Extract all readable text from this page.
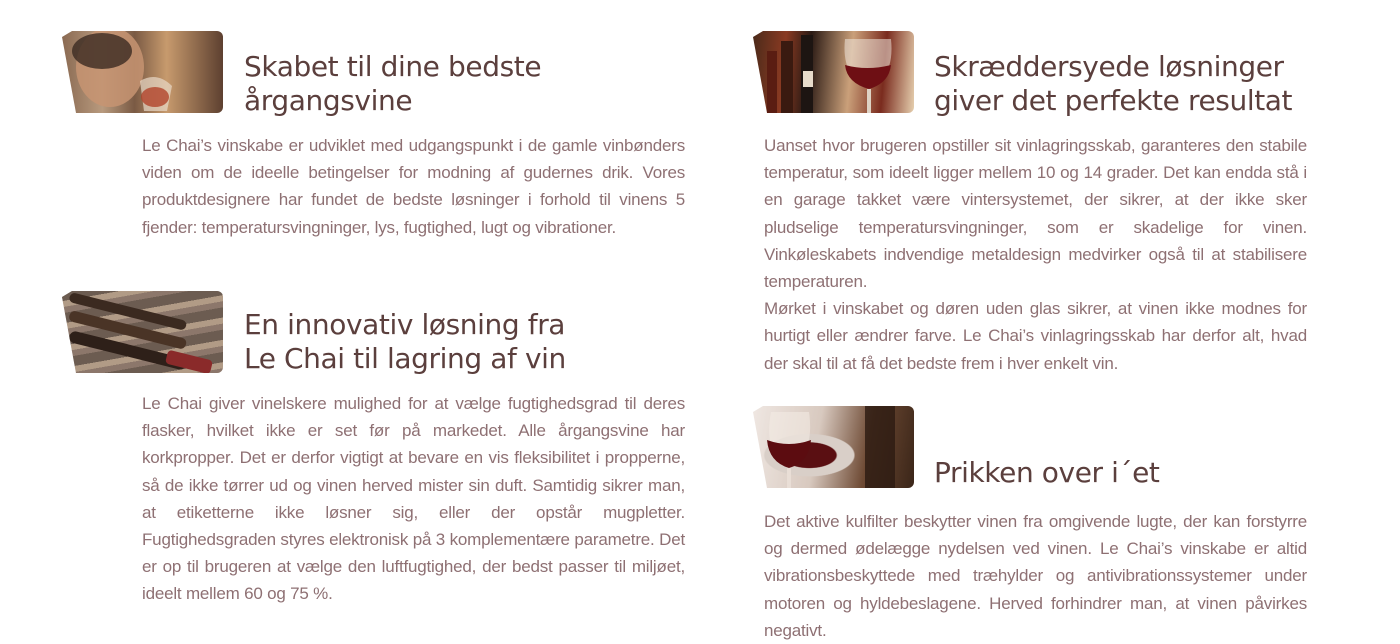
Skabet til dine bedste
årgangsvine

Le Chai’s vinskabe er udviklet med udgangspunkt i de gamle vinbønders viden om de ideelle betingelser for modning af gudernes drik. Vores produktdesignere har fundet de bedste løsninger i forhold til vinens 5 fjender: temperatursvingninger, lys, fugtighed, lugt og vibrationer.

Skræddersyede løsninger
giver det perfekte resultat

Uanset hvor brugeren opstiller sit vinlagringsskab, garanteres den stabile temperatur, som ideelt ligger mellem 10 og 14 grader. Det kan endda stå i en garage takket være vintersystemet, der sikrer, at der ikke sker pludselige temperatursvingninger, som er skadelige for vinen. Vinkøleskabets indvendige metaldesign medvirker også til at stabilisere temperaturen.

Mørket i vinskabet og døren uden glas sikrer, at vinen ikke modnes for hurtigt eller ændrer farve. Le Chai’s vinlagringsskab har derfor alt, hvad der skal til at få det bedste frem i hver enkelt vin.

En innovativ løsning fra
Le Chai til lagring af vin

Le Chai giver vinelskere mulighed for at vælge fugtighedsgrad til deres flasker, hvilket ikke er set før på markedet. Alle årgangsvine har korkpropper. Det er derfor vigtigt at bevare en vis fleksibilitet i propperne, så de ikke tørrer ud og vinen herved mister sin duft. Samtidig sikrer man, at etiketterne ikke løsner sig, eller der opstår mugpletter. Fugtighedsgraden styres elektronisk på 3 komplementære parametre. Det er op til brugeren at vælge den luftfugtighed, der bedst passer til miljøet, ideelt mellem 60 og 75 %.

Prikken over i´et

Det aktive kulfilter beskytter vinen fra omgivende lugte, der kan forstyrre og dermed ødelægge nydelsen ved vinen. Le Chai’s vinskabe er altid vibrationsbeskyttede med træhylder og antivibrationssystemer under motoren og hyldebeslagene. Herved forhindrer man, at vinen påvirkes negativt.
